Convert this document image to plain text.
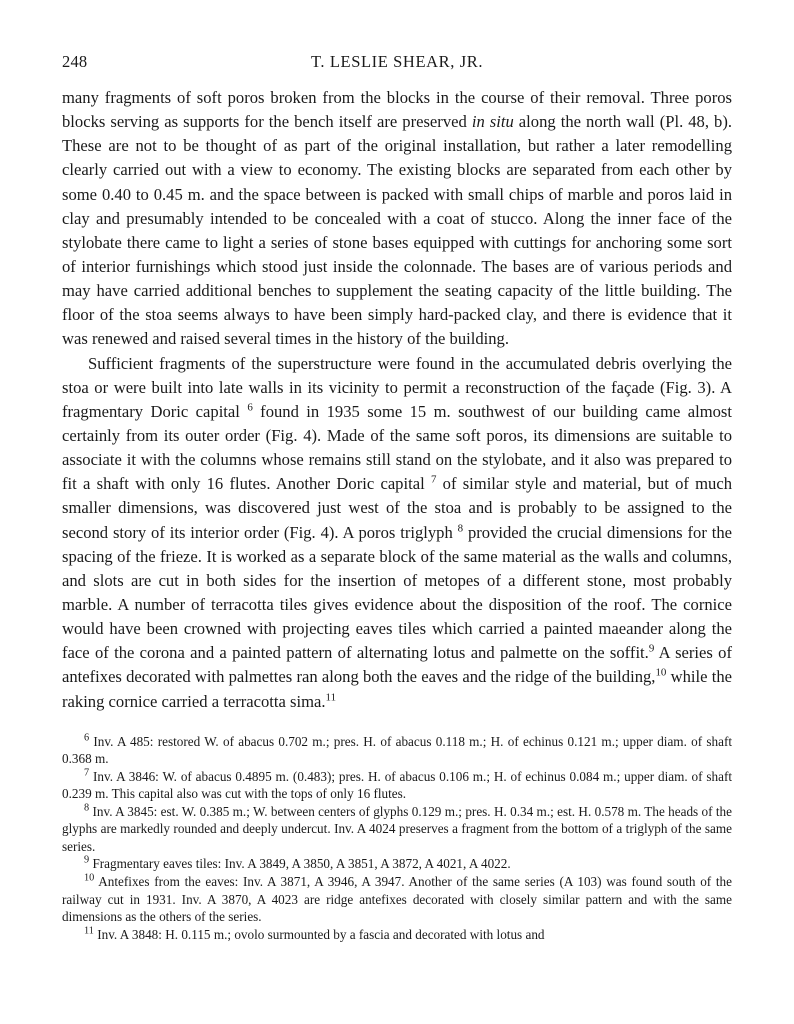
248	T. LESLIE SHEAR, JR.

many fragments of soft poros broken from the blocks in the course of their removal. Three poros blocks serving as supports for the bench itself are preserved in situ along the north wall (Pl. 48, b). These are not to be thought of as part of the original installation, but rather a later remodelling clearly carried out with a view to economy. The existing blocks are separated from each other by some 0.40 to 0.45 m. and the space between is packed with small chips of marble and poros laid in clay and presumably intended to be concealed with a coat of stucco. Along the inner face of the stylobate there came to light a series of stone bases equipped with cuttings for anchoring some sort of interior furnishings which stood just inside the colonnade. The bases are of various periods and may have carried additional benches to supplement the seating capacity of the little building. The floor of the stoa seems always to have been simply hard-packed clay, and there is evidence that it was renewed and raised several times in the history of the building.

Sufficient fragments of the superstructure were found in the accumulated debris overlying the stoa or were built into late walls in its vicinity to permit a reconstruction of the façade (Fig. 3). A fragmentary Doric capital $^6$ found in 1935 some 15 m. southwest of our building came almost certainly from its outer order (Fig. 4). Made of the same soft poros, its dimensions are suitable to associate it with the columns whose remains still stand on the stylobate, and it also was prepared to fit a shaft with only 16 flutes. Another Doric capital $^7$ of similar style and material, but of much smaller dimensions, was discovered just west of the stoa and is probably to be assigned to the second story of its interior order (Fig. 4). A poros triglyph $^8$ provided the crucial dimensions for the spacing of the frieze. It is worked as a separate block of the same material as the walls and columns, and slots are cut in both sides for the insertion of metopes of a different stone, most probably marble. A number of terracotta tiles gives evidence about the disposition of the roof. The cornice would have been crowned with projecting eaves tiles which carried a painted maeander along the face of the corona and a painted pattern of alternating lotus and palmette on the soffit.$^9$ A series of antefixes decorated with palmettes ran along both the eaves and the ridge of the building,$^{10}$ while the raking cornice carried a terracotta sima.$^{11}$

$^6$ Inv. A 485: restored W. of abacus 0.702 m.; pres. H. of abacus 0.118 m.; H. of echinus 0.121 m.; upper diam. of shaft 0.368 m.

$^7$ Inv. A 3846: W. of abacus 0.4895 m. (0.483); pres. H. of abacus 0.106 m.; H. of echinus 0.084 m.; upper diam. of shaft 0.239 m. This capital also was cut with the tops of only 16 flutes.

$^8$ Inv. A 3845: est. W. 0.385 m.; W. between centers of glyphs 0.129 m.; pres. H. 0.34 m.; est. H. 0.578 m. The heads of the glyphs are markedly rounded and deeply undercut. Inv. A 4024 preserves a fragment from the bottom of a triglyph of the same series.

$^9$ Fragmentary eaves tiles: Inv. A 3849, A 3850, A 3851, A 3872, A 4021, A 4022.

$^{10}$ Antefixes from the eaves: Inv. A 3871, A 3946, A 3947. Another of the same series (A 103) was found south of the railway cut in 1931. Inv. A 3870, A 4023 are ridge antefixes decorated with closely similar pattern and with the same dimensions as the others of the series.

$^{11}$ Inv. A 3848: H. 0.115 m.; ovolo surmounted by a fascia and decorated with lotus and
